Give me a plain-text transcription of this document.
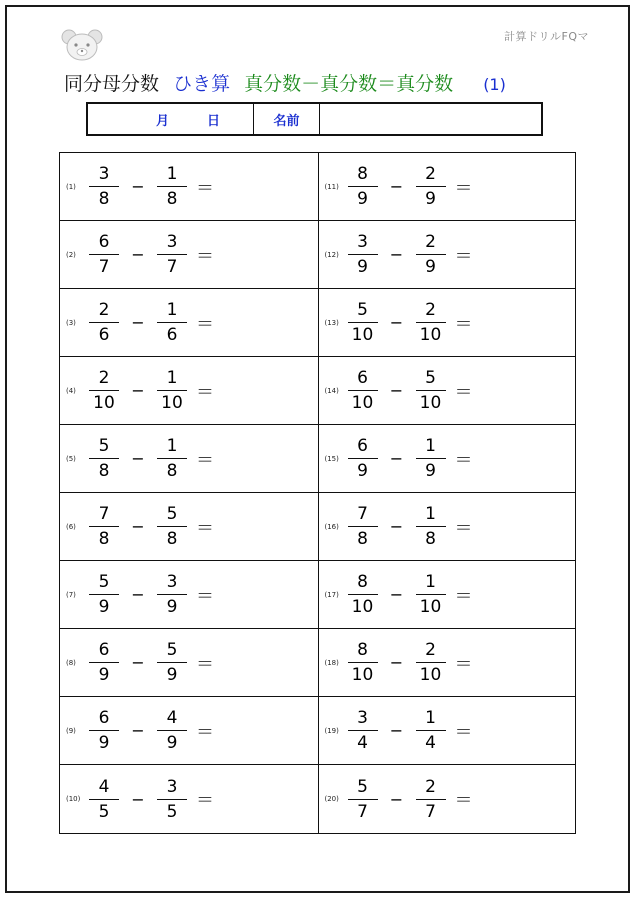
計算ドリルFQマ
同分母分数 ひき算 真分数－真分数＝真分数 (1)
月	日	名前
$(1) \frac{3}{8} - \frac{1}{8}$ ＝	$(11) \frac{8}{9} - \frac{2}{9}$ ＝
$(2) \frac{6}{7} - \frac{3}{7}$ ＝	$(12) \frac{3}{9} - \frac{2}{9}$ ＝
$(3) \frac{2}{6} - \frac{1}{6}$ ＝	$(13) \frac{5}{10} - \frac{2}{10}$ ＝
$(4) \frac{2}{10} - \frac{1}{10}$ ＝	$(14) \frac{6}{10} - \frac{5}{10}$ ＝
$(5) \frac{5}{8} - \frac{1}{8}$ ＝	$(15) \frac{6}{9} - \frac{1}{9}$ ＝
$(6) \frac{7}{8} - \frac{5}{8}$ ＝	$(16) \frac{7}{8} - \frac{1}{8}$ ＝
$(7) \frac{5}{9} - \frac{3}{9}$ ＝	$(17) \frac{8}{10} - \frac{1}{10}$ ＝
$(8) \frac{6}{9} - \frac{5}{9}$ ＝	$(18) \frac{8}{10} - \frac{2}{10}$ ＝
$(9) \frac{6}{9} - \frac{4}{9}$ ＝	$(19) \frac{3}{4} - \frac{1}{4}$ ＝
$(10) \frac{4}{5} - \frac{3}{5}$ ＝	$(20) \frac{5}{7} - \frac{2}{7}$ ＝
